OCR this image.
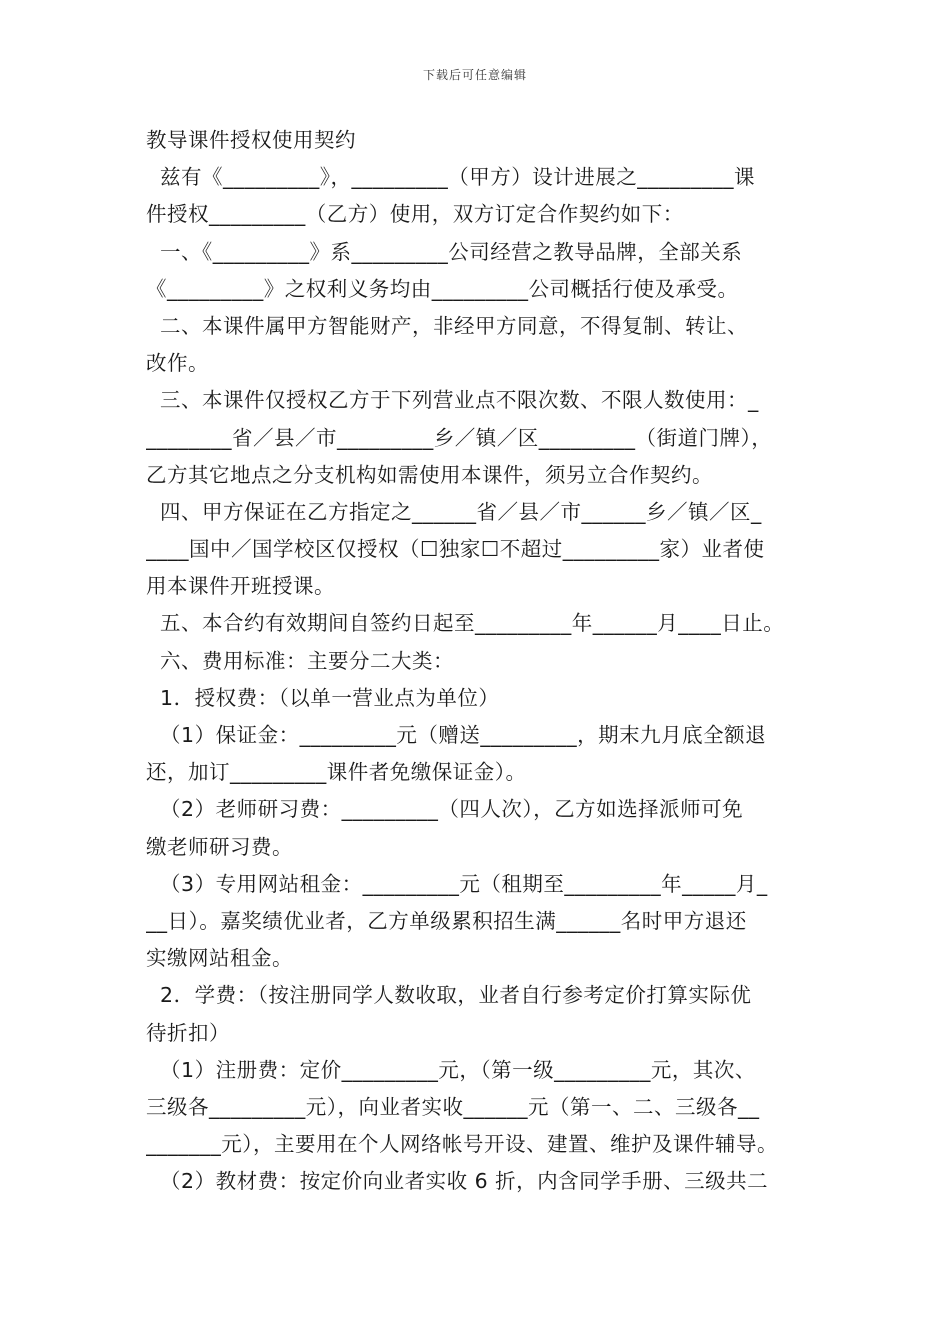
下载后可任意编辑
教导课件授权使用契约
兹有《_________》，_________（甲方）设计进展之_________课
件授权_________（乙方）使用，双方订定合作契约如下：
一、《_________》系_________公司经营之教导品牌，全部关系
《_________》之权利义务均由_________公司概括行使及承受。
二、本课件属甲方智能财产，非经甲方同意，不得复制、转让、
改作。
三、本课件仅授权乙方于下列营业点不限次数、不限人数使用：_
________省／县／市_________乡／镇／区_________（街道门牌），
乙方其它地点之分支机构如需使用本课件，须另立合作契约。
四、甲方保证在乙方指定之______省／县／市______乡／镇／区_
____国中／国学校区仅授权（☐独家☐不超过_________家）业者使
用本课件开班授课。
五、本合约有效期间自签约日起至_________年______月____日止。
六、费用标准：主要分二大类：
1．授权费：（以单一营业点为单位）
（1）保证金：_________元（赠送_________，期末九月底全额退
还，加订_________课件者免缴保证金）。
（2）老师研习费：_________（四人次），乙方如选择派师可免
缴老师研习费。
（3）专用网站租金：_________元（租期至_________年_____月_
__日）。嘉奖绩优业者，乙方单级累积招生满______名时甲方退还
实缴网站租金。
2．学费：（按注册同学人数收取，业者自行参考定价打算实际优
待折扣）
（1）注册费：定价_________元，（第一级_________元，其次、
三级各_________元），向业者实收______元（第一、二、三级各__
_______元），主要用在个人网络帐号开设、建置、维护及课件辅导。
（2）教材费：按定价向业者实收 6 折，内含同学手册、三级共二
